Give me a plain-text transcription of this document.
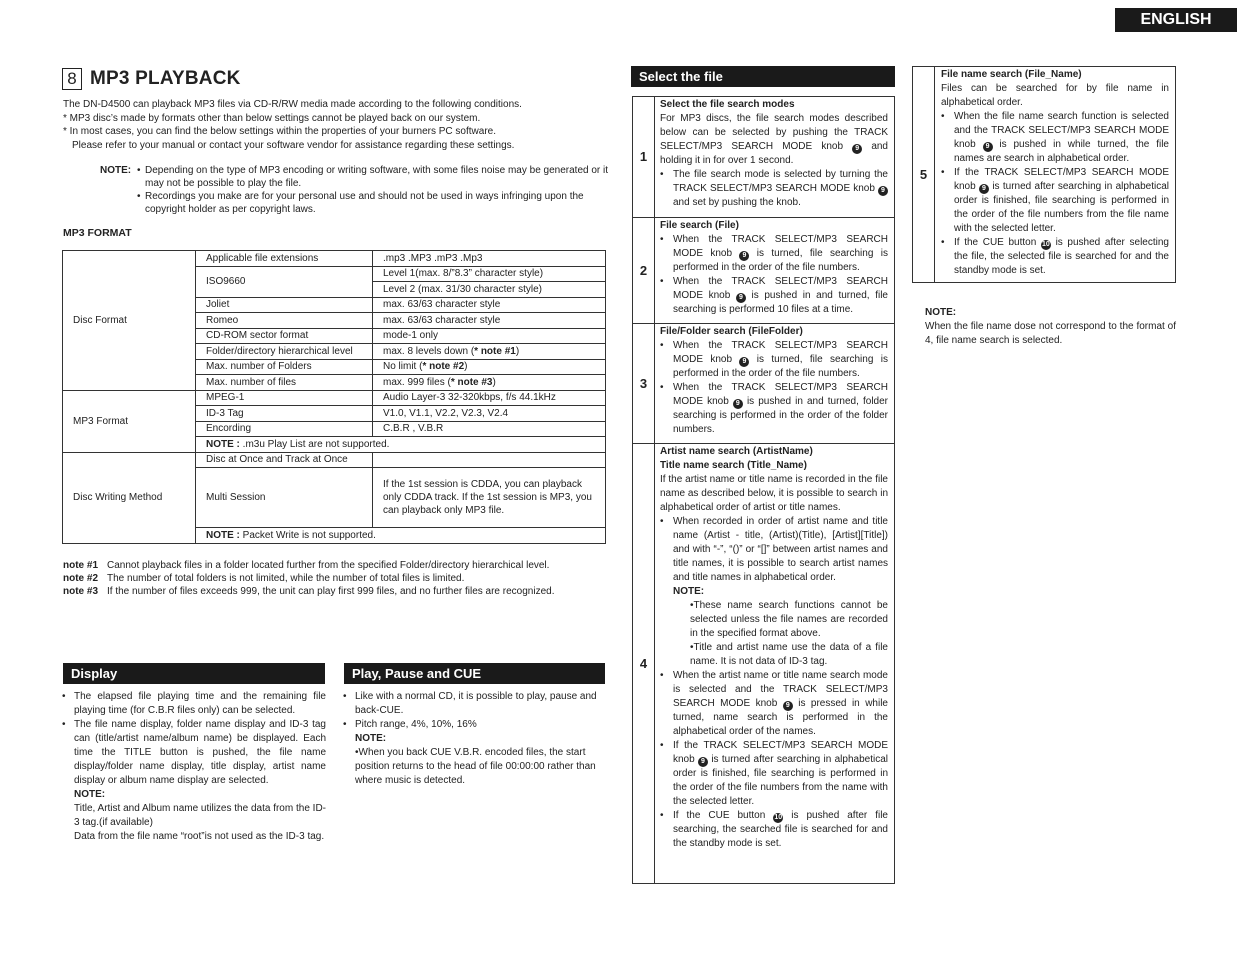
ENGLISH
8 MP3 PLAYBACK

The DN-D4500 can playback MP3 files via CD-R/RW media made according to the following conditions.

* MP3 disc’s made by formats other than below settings cannot be played back on our system.

* In most cases, you can find the below settings within the properties of your burners PC software.

Please refer to your manual or contact your software vendor for assistance regarding these settings.

NOTE: • Depending on the type of MP3 encoding or writing software, with some files noise may be generated or it may not be possible to play the file.
• Recordings you make are for your personal use and should not be used in ways infringing upon the copyright holder as per copyright laws.
MP3 FORMAT
Disc Format	Applicable file extensions	.mp3 .MP3 .mP3 .Mp3
	ISO9660	Level 1(max. 8/”8.3” character style)
		Level 2 (max. 31/30 character style)
	Joliet	max. 63/63 character style
	Romeo	max. 63/63 character style
	CD-ROM sector format	mode-1 only
	Folder/directory hierarchical level	max. 8 levels down (* note #1)
	Max. number of Folders	No limit (* note #2)
	Max. number of files	max. 999 files (* note #3)
MP3 Format	MPEG-1	Audio Layer-3 32-320kbps, f/s 44.1kHz
	ID-3 Tag	V1.0, V1.1, V2.2, V2.3, V2.4
	Encording	C.B.R , V.B.R
	NOTE : .m3u Play List are not supported.	
Disc Writing Method	Disc at Once and Track at Once	
	Multi Session	If the 1st session is CDDA, you can playback only CDDA track. If the 1st session is MP3, you can playback only MP3 file.
	NOTE : Packet Write is not supported.	
note #1 Cannot playback files in a folder located further from the specified Folder/directory hierarchical level.
note #2 The number of total folders is not limited, while the number of total files is limited.
note #3 If the number of files exceeds 999, the unit can play first 999 files, and no further files are recognized.
Display
• The elapsed file playing time and the remaining file playing time (for C.B.R files only) can be selected.
• The file name display, folder name display and ID-3 tag can (title/artist name/album name) be displayed. Each time the TITLE button is pushed, the file name display/folder name display, title display, artist name display or album name display are selected.
NOTE:
Title, Artist and Album name utilizes the data from the ID-3 tag.(if available)
Data from the file name “root”is not used as the ID-3 tag.
Play, Pause and CUE
• Like with a normal CD, it is possible to play, pause and back-CUE.
• Pitch range, 4%, 10%, 16%
NOTE:
•When you back CUE V.B.R. encoded files, the start position returns to the head of file 00:00:00 rather than where music is detected.
Select the file
1
Select the file search modes
For MP3 discs, the file search modes described below can be selected by pushing the TRACK SELECT/MP3 SEARCH MODE knob 9 and holding it in for over 1 second.
• The file search mode is selected by turning the TRACK SELECT/MP3 SEARCH MODE knob 9 and set by pushing the knob.
2
File search (File)
• When the TRACK SELECT/MP3 SEARCH MODE knob 9 is turned, file searching is performed in the order of the file numbers.
• When the TRACK SELECT/MP3 SEARCH MODE knob 9 is pushed in and turned, file searching is performed 10 files at a time.
3
File/Folder search (FileFolder)
• When the TRACK SELECT/MP3 SEARCH MODE knob 9 is turned, file searching is performed in the order of the file numbers.
• When the TRACK SELECT/MP3 SEARCH MODE knob 9 is pushed in and turned, folder searching is performed in the order of the folder numbers.
4
Artist name search (ArtistName)
Title name search (Title_Name)
If the artist name or title name is recorded in the file name as described below, it is possible to search in alphabetical order of artist or title names.
• When recorded in order of artist name and title name (Artist - title, (Artist)(Title), [Artist][Title]) and with “-”, “()” or “[]” between artist names and title names, it is possible to search artist names and title names in alphabetical order.
NOTE:
•These name search functions cannot be selected unless the file names are recorded in the specified format above.
•Title and artist name use the data of a file name. It is not data of ID-3 tag.
• When the artist name or title name search mode is selected and the TRACK SELECT/MP3 SEARCH MODE knob 9 is pressed in while turned, name search is performed in the alphabetical order of the names.
• If the TRACK SELECT/MP3 SEARCH MODE knob 9 is turned after searching in alphabetical order is finished, file searching is performed in the order of the file numbers from the name with the selected letter.
• If the CUE button 10 is pushed after file searching, the searched file is searched for and the standby mode is set.
5
File name search (File_Name)
Files can be searched for by file name in alphabetical order.
• When the file name search function is selected and the TRACK SELECT/MP3 SEARCH MODE knob 9 is pushed in while turned, the file names are search in alphabetical order.
• If the TRACK SELECT/MP3 SEARCH MODE knob 9 is turned after searching in alphabetical order is finished, file searching is performed in the order of the file numbers from the file name with the selected letter.
• If the CUE button 10 is pushed after selecting the file, the selected file is searched for and the standby mode is set.
NOTE:
When the file name dose not correspond to the format of 4, file name search is selected.
